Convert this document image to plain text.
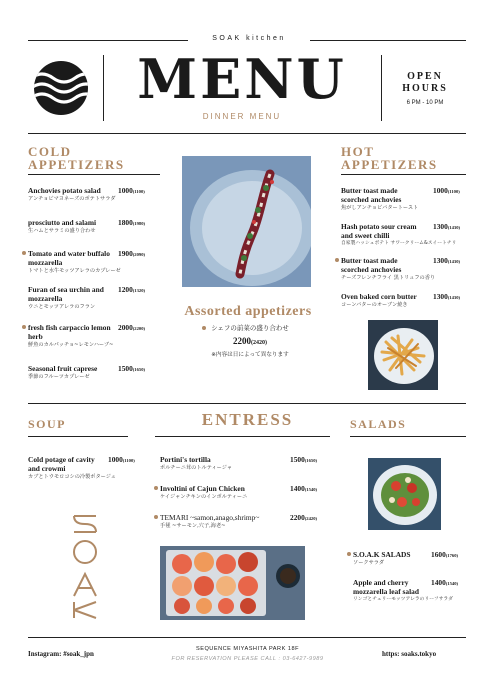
SOAK kitchen
MENU
DINNER MENU
OPEN
HOURS
6 PM - 10 PM
COLD
APPETIZERS
Anchovies potato salad
アンチョビマヨネーズのポテトサラダ
1000(1100)
prosciutto and salami
生ハムとサラミの盛り合わせ
1800(1980)
Tomato and water buffalo mozzarella
トマトと水牛モッツアレラのカプレーゼ
1900(2090)
Furan of sea urchin and mozzarella
ウニとモッツアレラのフラン
1200(1320)
fresh fish carpaccio lemon herb
鮮魚のカルパッチョ~レモンハーブ~
2000(2200)
Seasonal fruit caprese
季節のフルーツカプレーゼ
1500(1650)
Assorted appetizers
シェフの前菜の盛り合わせ
2200(2420)
※内容は日によって異なります
HOT
APPETIZERS
Butter toast made scorched anchovies
焦がしアンチョビバタートースト
1000(1100)
Hash potato sour cream and sweet chilli
自家製ハッシュポテト サワークリーム&スイートチリ
1300(1430)
Butter toast made scorched anchovies
チーズフレンチフライ 黒トリュフの香り
1300(1430)
Oven baked corn butter
コーンバターのオーブン焼き
1300(1430)
SOUP
Cold potage of cavity and crowmi
カブとトウモロコシの冷製ポタージュ
1000(1100)
ENTRESS
Portini's tortilla
ポルチーニ茸のトルティージャ
1500(1650)
Involtini of Cajun Chicken
ケイジャンチキンのインボルティーニ
1400(1540)
TEMARI ~samon,anago,shrimp~
手毬 ~サーモン,穴子,海老~
2200(2420)
SALADS
S.O.A.K SALADS
ソークサラダ
1600(1760)
Apple and cherry mozzarella leaf salad
リンゴとチェリーモッツアレラのリーフサラダ
1400(1540)
Instagram: #soak_jpn
SEQUENCE MIYASHITA PARK 18F
FOR RESERVATION PLEASE CALL : 03-6427-9989
https: soaks.tokyo
